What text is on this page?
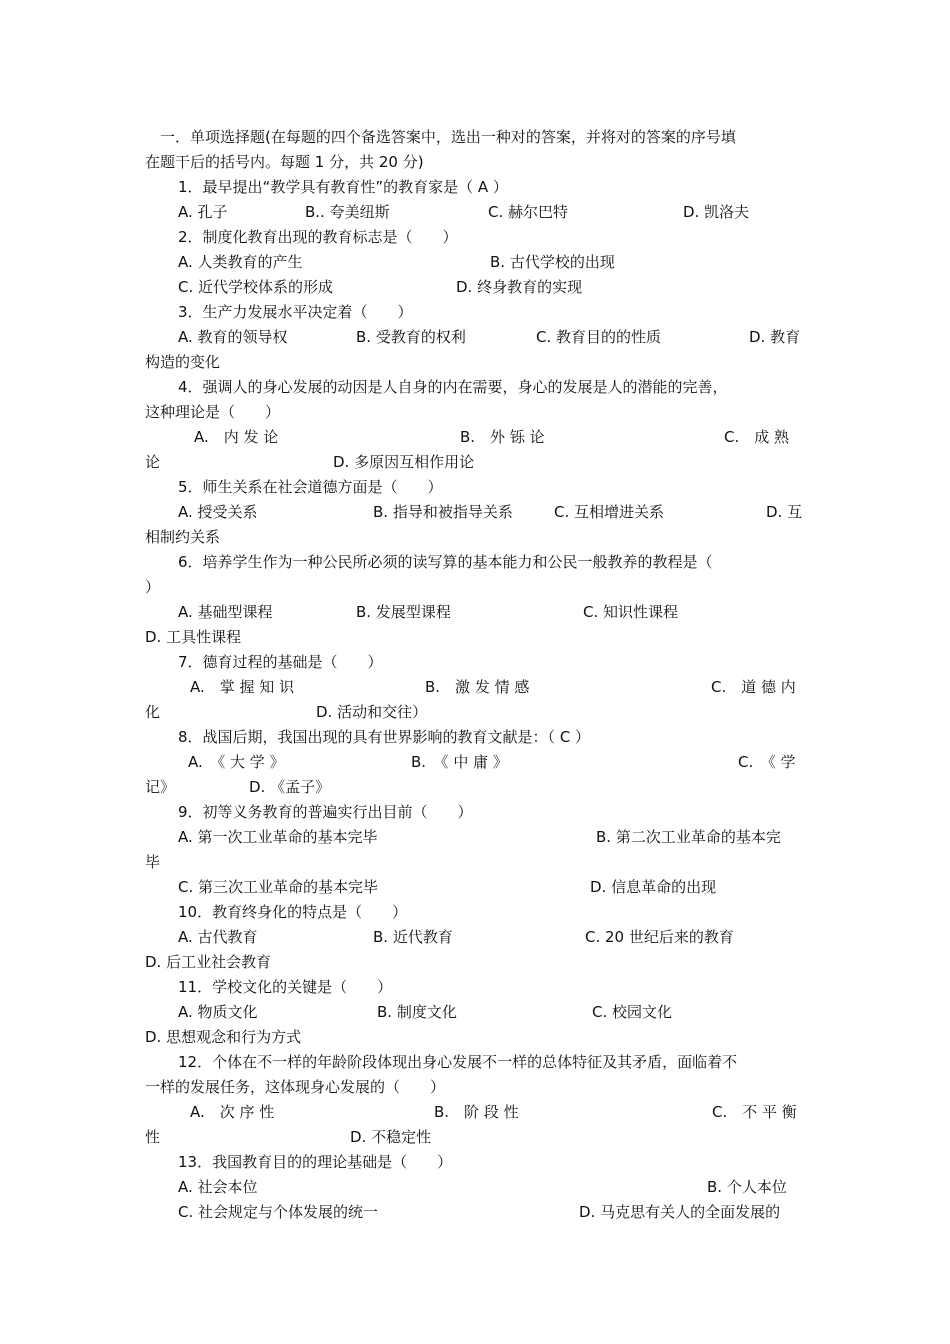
一．单项选择题(在每题的四个备选答案中，选出一种对的答案，并将对的答案的序号填
在题干后的括号内。每题 1 分，共 20 分)
1．最早提出“教学具有教育性”的教育家是（ A ）
A. 孔子	B.. 夸美纽斯	C. 赫尔巴特	D. 凯洛夫
2．制度化教育出现的教育标志是（　　）
A. 人类教育的产生	B. 古代学校的出现
C. 近代学校体系的形成	D. 终身教育的实现
3．生产力发展水平决定着（　　）
A. 教育的领导权	B. 受教育的权利	C. 教育目的的性质	D. 教育
构造的变化
4．强调人的身心发展的动因是人自身的内在需要，身心的发展是人的潜能的完善，
这种理论是（　　）
A.　内 发 论	B.　外 铄 论	C.　成 熟
论	D. 多原因互相作用论
5．师生关系在社会道德方面是（　　）
A. 授受关系	B. 指导和被指导关系	C. 互相增进关系	D. 互
相制约关系
6．培养学生作为一种公民所必须的读写算的基本能力和公民一般教养的教程是（
）
A. 基础型课程	B. 发展型课程	C. 知识性课程
D. 工具性课程
7．德育过程的基础是（　　）
A.　掌 握 知 识	B.　激 发 情 感	C.　道 德 内
化	D. 活动和交往）
8．战国后期，我国出现的具有世界影响的教育文献是：（ C ）
A.　《 大 学 》	B.　《 中 庸 》	C.　《 学
记》	D. 《孟子》
9．初等义务教育的普遍实行出目前（　　）
A. 第一次工业革命的基本完毕	B. 第二次工业革命的基本完
毕
C. 第三次工业革命的基本完毕	D. 信息革命的出现
10．教育终身化的特点是（　　）
A. 古代教育	B. 近代教育	C. 20 世纪后来的教育
D. 后工业社会教育
11．学校文化的关键是（　　）
A. 物质文化	B. 制度文化	C. 校园文化
D. 思想观念和行为方式
12．个体在不一样的年龄阶段体现出身心发展不一样的总体特征及其矛盾，面临着不
一样的发展任务，这体现身心发展的（　　）
A.　次 序 性	B.　阶 段 性	C.　不 平 衡
性	D. 不稳定性
13．我国教育目的的理论基础是（　　）
A. 社会本位	B. 个人本位
C. 社会规定与个体发展的统一	D. 马克思有关人的全面发展的
